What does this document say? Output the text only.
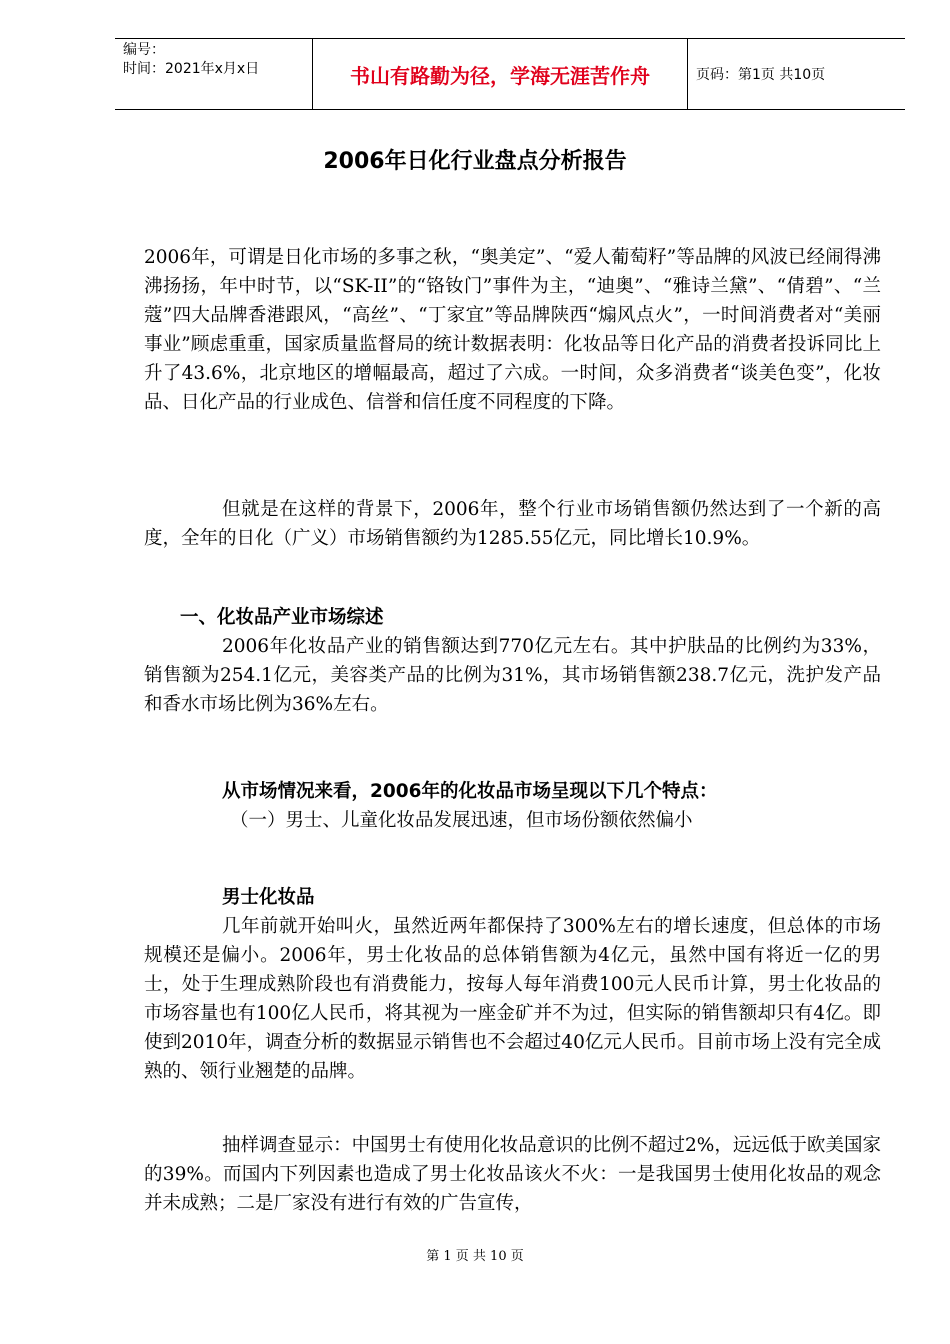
编号：
时间：2021年x月x日	书山有路勤为径，学海无涯苦作舟	页码：第1页 共10页
2006年日化行业盘点分析报告

2006年，可谓是日化市场的多事之秋，“奥美定”、“爱人葡萄籽”等品牌的风波已经闹得沸沸扬扬，年中时节，以“SK-II”的“铬钕门”事件为主，“迪奥”、“雅诗兰黛”、“倩碧”、“兰蔻”四大品牌香港跟风，“高丝”、“丁家宜”等品牌陕西“煽风点火”，一时间消费者对“美丽事业”顾虑重重，国家质量监督局的统计数据表明：化妆品等日化产品的消费者投诉同比上升了43.6%，北京地区的增幅最高，超过了六成。一时间，众多消费者“谈美色变”，化妆品、日化产品的行业成色、信誉和信任度不同程度的下降。

但就是在这样的背景下，2006年，整个行业市场销售额仍然达到了一个新的高度，全年的日化（广义）市场销售额约为1285.55亿元，同比增长10.9%。

一、化妆品产业市场综述

2006年化妆品产业的销售额达到770亿元左右。其中护肤品的比例约为33%，销售额为254.1亿元，美容类产品的比例为31%，其市场销售额238.7亿元，洗护发产品和香水市场比例为36%左右。

从市场情况来看，2006年的化妆品市场呈现以下几个特点：

（一）男士、儿童化妆品发展迅速，但市场份额依然偏小

男士化妆品

几年前就开始叫火，虽然近两年都保持了300%左右的增长速度，但总体的市场规模还是偏小。2006年，男士化妆品的总体销售额为4亿元，虽然中国有将近一亿的男士，处于生理成熟阶段也有消费能力，按每人每年消费100元人民币计算，男士化妆品的市场容量也有100亿人民币，将其视为一座金矿并不为过，但实际的销售额却只有4亿。即使到2010年，调查分析的数据显示销售也不会超过40亿元人民币。目前市场上没有完全成熟的、领行业翘楚的品牌。

抽样调查显示：中国男士有使用化妆品意识的比例不超过2%，远远低于欧美国家的39%。而国内下列因素也造成了男士化妆品该火不火：一是我国男士使用化妆品的观念并未成熟；二是厂家没有进行有效的广告宣传，

第 1 页 共 10 页
